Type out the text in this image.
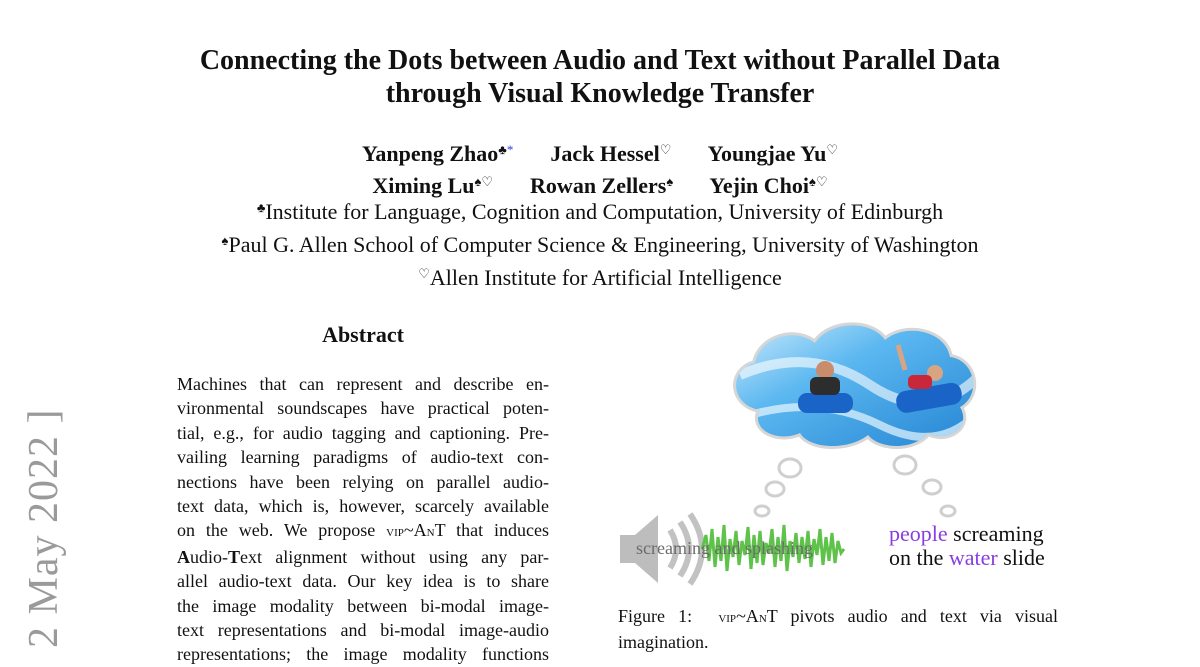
Connecting the Dots between Audio and Text without Parallel Data
through Visual Knowledge Transfer
Yanpeng Zhao♣* Jack Hessel♡ Youngjae Yu♡
Ximing Lu♠♡ Rowan Zellers♠ Yejin Choi♠♡
♣Institute for Language, Cognition and Computation, University of Edinburgh
♠Paul G. Allen School of Computer Science & Engineering, University of Washington
♡Allen Institute for Artificial Intelligence
2 May 2022 ]
Abstract
Machines that can represent and describe en-
vironmental soundscapes have practical poten-
tial, e.g., for audio tagging and captioning. Pre-
vailing learning paradigms of audio-text con-
nections have been relying on parallel audio-
text data, which is, however, scarcely available
on the web. We propose vip~AnT that induces
Audio-Text alignment without using any par-
allel audio-text data. Our key idea is to share
the image modality between bi-modal image-
text representations and bi-modal image-audio
representations; the image modality functions
screaming and splashing
people screaming
on the water slide
Figure 1: vip~AnT pivots audio and text via visual
imagination.
